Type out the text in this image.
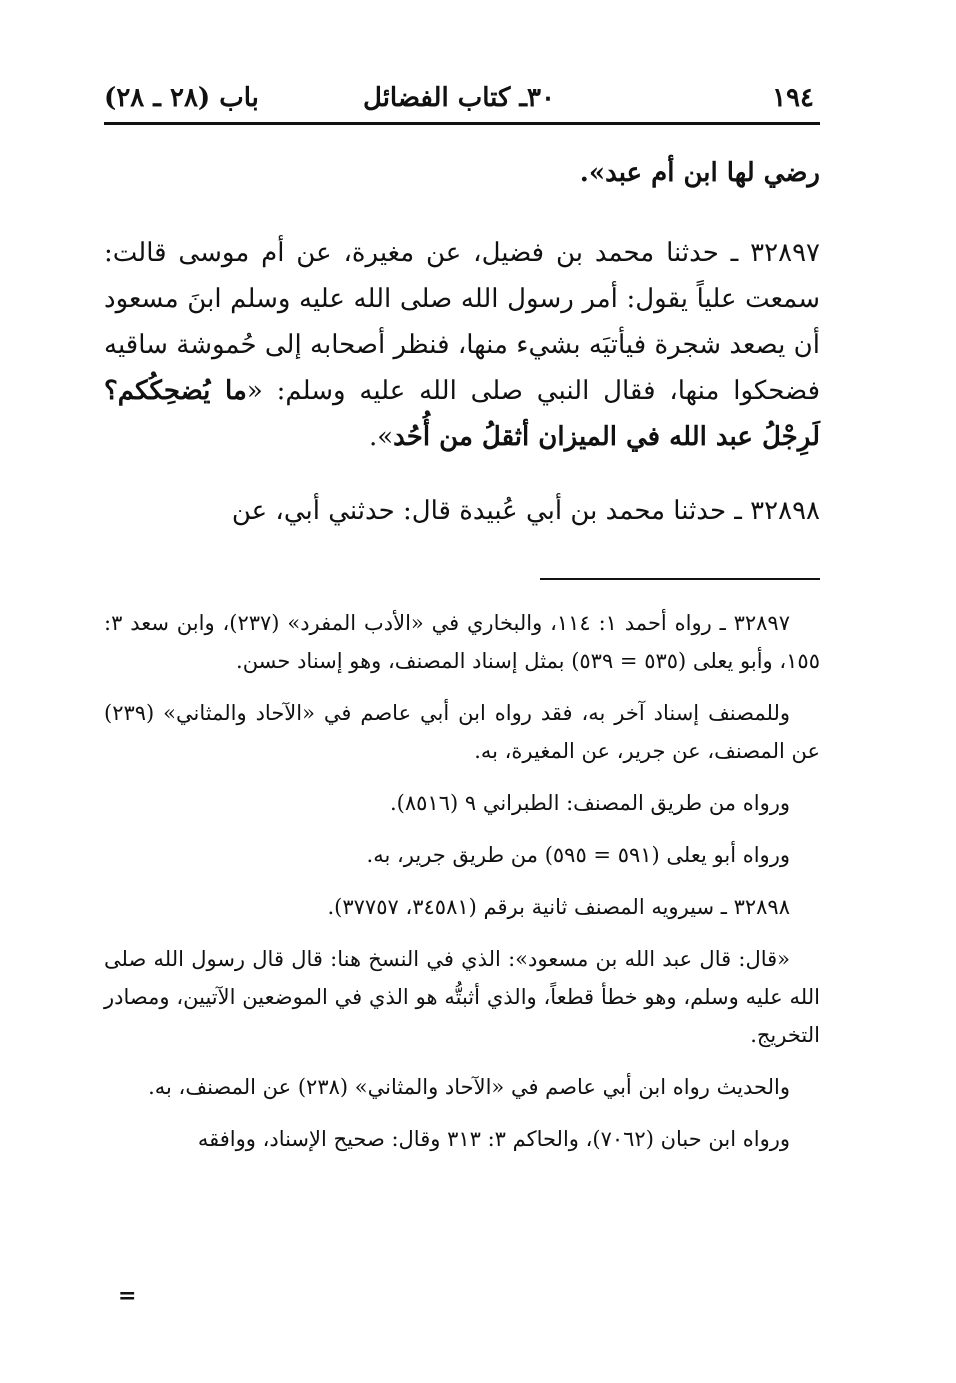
١٩٤
٣٠ـ كتاب الفضائل
باب (٢٨ ـ ٢٨)

رضي لها ابن أم عبد».

٣٢٨٩٧ ـ حدثنا محمد بن فضيل، عن مغيرة، عن أم موسى قالت: سمعت علياً يقول: أمر رسول الله صلى الله عليه وسلم ابنَ مسعود أن يصعد شجرة فيأتيَه بشيء منها، فنظر أصحابه إلى حُموشة ساقيه فضحكوا منها، فقال النبي صلى الله عليه وسلم: «ما يُضحِكُكم؟ لَرِجْلُ عبد الله في الميزان أثقلُ من أُحُد».

٣٢٨٩٨ ـ حدثنا محمد بن أبي عُبيدة قال: حدثني أبي، عن

٣٢٨٩٧ ـ رواه أحمد ١: ١١٤، والبخاري في «الأدب المفرد» (٢٣٧)، وابن سعد ٣: ١٥٥، وأبو يعلى (٥٣٥ = ٥٣٩) بمثل إسناد المصنف، وهو إسناد حسن.

وللمصنف إسناد آخر به، فقد رواه ابن أبي عاصم في «الآحاد والمثاني» (٢٣٩) عن المصنف، عن جرير، عن المغيرة، به.

ورواه من طريق المصنف: الطبراني ٩ (٨٥١٦).

ورواه أبو يعلى (٥٩١ = ٥٩٥) من طريق جرير، به.

٣٢٨٩٨ ـ سيرويه المصنف ثانية برقم (٣٤٥٨١، ٣٧٧٥٧).

«قال: قال عبد الله بن مسعود»: الذي في النسخ هنا: قال قال رسول الله صلى الله عليه وسلم، وهو خطأ قطعاً، والذي أثبتُّه هو الذي في الموضعين الآتيين، ومصادر التخريج.

والحديث رواه ابن أبي عاصم في «الآحاد والمثاني» (٢٣٨) عن المصنف، به.

ورواه ابن حبان (٧٠٦٢)، والحاكم ٣: ٣١٣ وقال: صحيح الإسناد، ووافقه

=
